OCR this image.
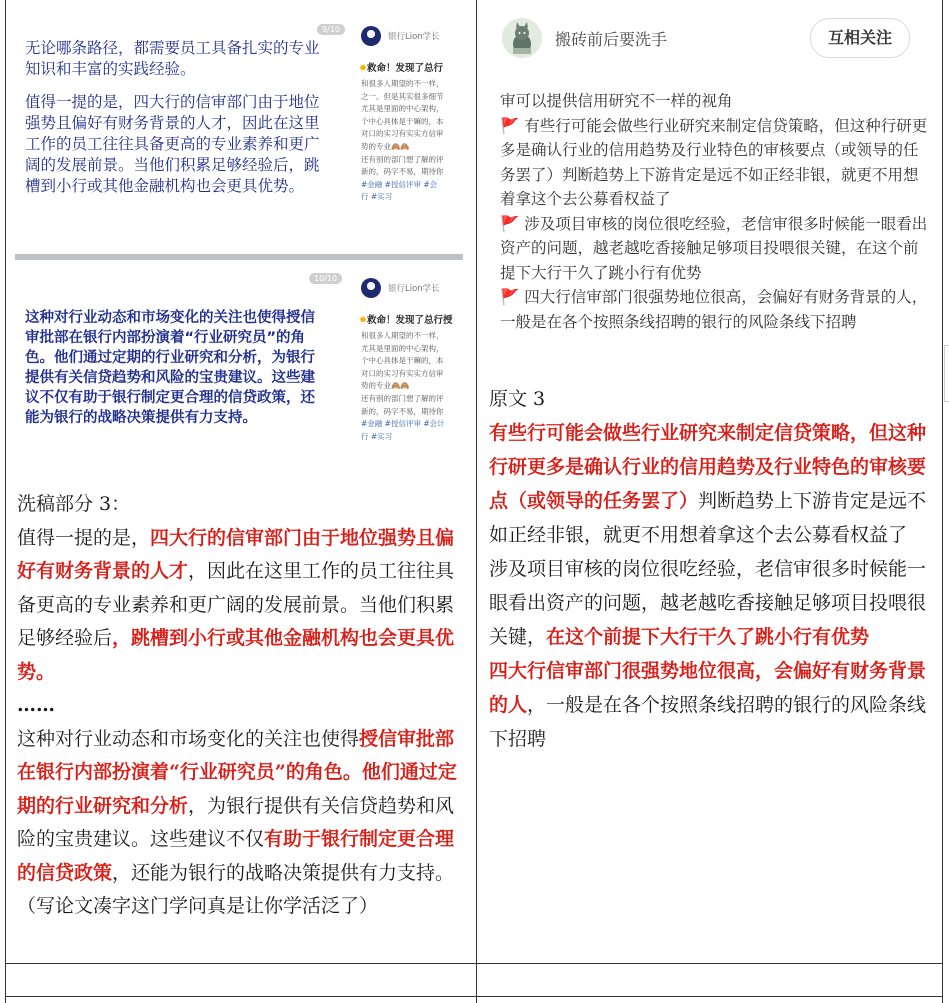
无论哪条路径，都需要员工具备扎实的专业知识和丰富的实践经验。

值得一提的是，四大行的信审部门由于地位强势且偏好有财务背景的人才，因此在这里工作的员工往往具备更高的专业素养和更广阔的发展前景。当他们积累足够经验后，跳槽到小行或其他金融机构也会更具优势。

9/10
银行Lion学长
✹救命！发现了总行
和很多人期望的不一样，
之一。但是其实很多细节
尤其是里面的中心架构，
个中心具体是干嘛的，本
对口的实习有实实方信审
势的专业🙈🙈
还有别的部门想了解的评
新的，码字不易，期待你
#金融 #授信评审 #会
行 #实习

这种对行业动态和市场变化的关注也使得授信审批部在银行内部扮演着“行业研究员”的角色。他们通过定期的行业研究和分析，为银行提供有关信贷趋势和风险的宝贵建议。这些建议不仅有助于银行制定更合理的信贷政策，还能为银行的战略决策提供有力支持。

10/10
银行Lion学长
✹救命！发现了总行授
和很多人期望的不一样，
尤其是里面的中心架构，
个中心具体是干嘛的，本
对口的实习有实实方信审
势的专业🙈🙈
还有别的部门想了解的评
新的，码字不易，期待你
#金融 #授信评审 #会计
行 #实习
洗稿部分 3：
值得一提的是，四大行的信审部门由于地位强势且偏好有财务背景的人才，因此在这里工作的员工往往具备更高的专业素养和更广阔的发展前景。当他们积累足够经验后，跳槽到小行或其他金融机构也会更具优势。
……
这种对行业动态和市场变化的关注也使得授信审批部在银行内部扮演着“行业研究员”的角色。他们通过定期的行业研究和分析，为银行提供有关信贷趋势和风险的宝贵建议。这些建议不仅有助于银行制定更合理的信贷政策，还能为银行的战略决策提供有力支持。
（写论文凑字这门学问真是让你学活泛了）
搬砖前后要洗手	互相关注
审可以提供信用研究不一样的视角
🚩 有些行可能会做些行业研究来制定信贷策略，但这种行研更多是确认行业的信用趋势及行业特色的审核要点（或领导的任务罢了）判断趋势上下游肯定是远不如正经非银，就更不用想着拿这个去公募看权益了
🚩 涉及项目审核的岗位很吃经验，老信审很多时候能一眼看出资产的问题，越老越吃香接触足够项目投喂很关键，在这个前提下大行干久了跳小行有优势
🚩 四大行信审部门很强势地位很高，会偏好有财务背景的人，一般是在各个按照条线招聘的银行的风险条线下招聘
原文 3
有些行可能会做些行业研究来制定信贷策略，但这种行研更多是确认行业的信用趋势及行业特色的审核要点（或领导的任务罢了）判断趋势上下游肯定是远不如正经非银，就更不用想着拿这个去公募看权益了
涉及项目审核的岗位很吃经验，老信审很多时候能一眼看出资产的问题，越老越吃香接触足够项目投喂很关键，在这个前提下大行干久了跳小行有优势
四大行信审部门很强势地位很高，会偏好有财务背景的人，一般是在各个按照条线招聘的银行的风险条线下招聘
